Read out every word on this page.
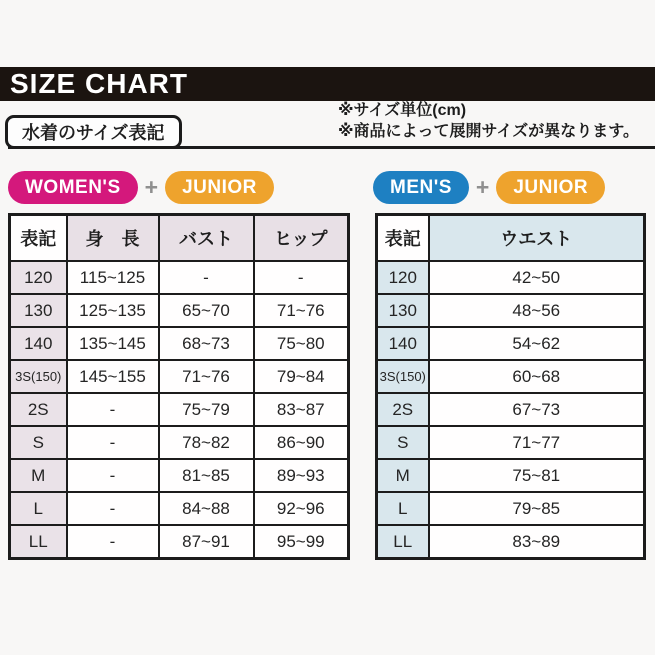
SIZE CHART
水着のサイズ表記
※サイズ単位(cm)
※商品によって展開サイズが異なります。
WOMEN'S	+	JUNIOR	MEN'S	+	JUNIOR
表記	身　長	バスト	ヒップ
120	115~125	-	-
130	125~135	65~70	71~76
140	135~145	68~73	75~80
3S(150)	145~155	71~76	79~84
2S	-	75~79	83~87
S	-	78~82	86~90
M	-	81~85	89~93
L	-	84~88	92~96
LL	-	87~91	95~99
表記	ウエスト
120	42~50
130	48~56
140	54~62
3S(150)	60~68
2S	67~73
S	71~77
M	75~81
L	79~85
LL	83~89
